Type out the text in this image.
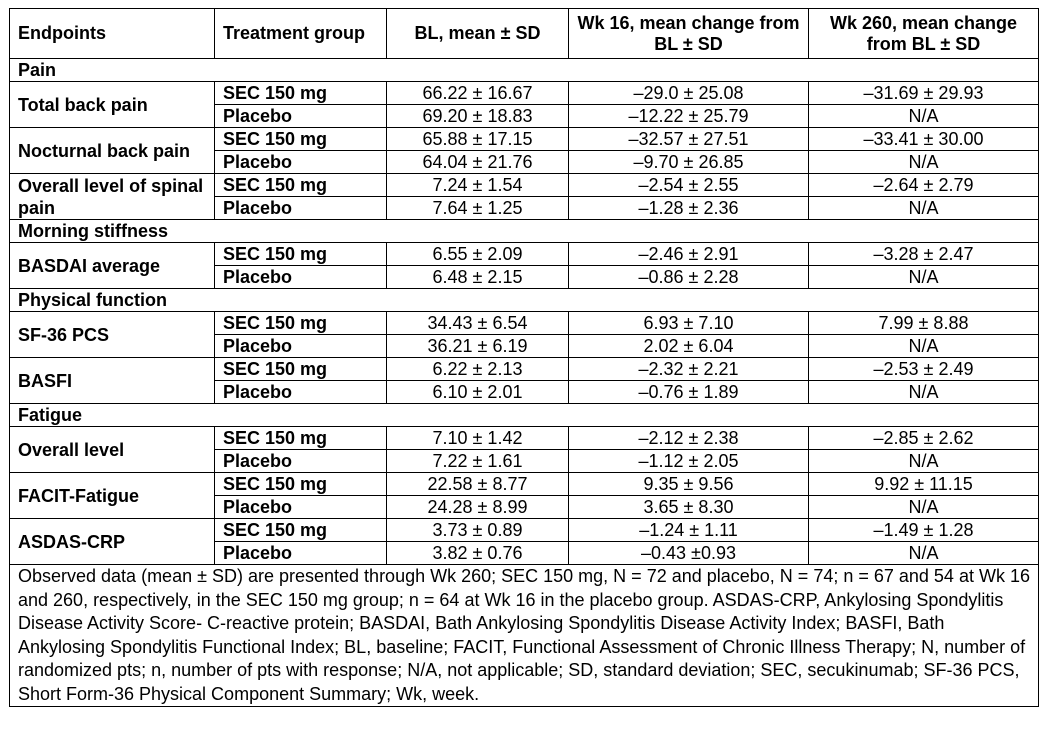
Endpoints	Treatment group	BL, mean ± SD	Wk 16, mean change from BL ± SD	Wk 260, mean change from BL ± SD
Pain				
Total back pain	SEC 150 mg	66.22 ± 16.67	–29.0 ± 25.08	–31.69 ± 29.93
	Placebo	69.20 ± 18.83	–12.22 ± 25.79	N/A
Nocturnal back pain	SEC 150 mg	65.88 ± 17.15	–32.57 ± 27.51	–33.41 ± 30.00
	Placebo	64.04 ± 21.76	–9.70 ± 26.85	N/A
Overall level of spinal pain	SEC 150 mg	7.24 ± 1.54	–2.54 ± 2.55	–2.64 ± 2.79
	Placebo	7.64 ± 1.25	–1.28 ± 2.36	N/A
Morning stiffness				
BASDAI average	SEC 150 mg	6.55 ± 2.09	–2.46 ± 2.91	–3.28 ± 2.47
	Placebo	6.48 ± 2.15	–0.86 ± 2.28	N/A
Physical function				
SF-36 PCS	SEC 150 mg	34.43 ± 6.54	6.93 ± 7.10	7.99 ± 8.88
	Placebo	36.21 ± 6.19	2.02 ± 6.04	N/A
BASFI	SEC 150 mg	6.22 ± 2.13	–2.32 ± 2.21	–2.53 ± 2.49
	Placebo	6.10 ± 2.01	–0.76 ± 1.89	N/A
Fatigue				
Overall level	SEC 150 mg	7.10 ± 1.42	–2.12 ± 2.38	–2.85 ± 2.62
	Placebo	7.22 ± 1.61	–1.12 ± 2.05	N/A
FACIT-Fatigue	SEC 150 mg	22.58 ± 8.77	9.35 ± 9.56	9.92 ± 11.15
	Placebo	24.28 ± 8.99	3.65 ± 8.30	N/A
ASDAS-CRP	SEC 150 mg	3.73 ± 0.89	–1.24 ± 1.11	–1.49 ± 1.28
	Placebo	3.82 ± 0.76	–0.43 ±0.93	N/A
Observed data (mean ± SD) are presented through Wk 260; SEC 150 mg, N = 72 and placebo, N = 74; n = 67 and 54 at Wk 16 and 260, respectively, in the SEC 150 mg group; n = 64 at Wk 16 in the placebo group. ASDAS-CRP, Ankylosing Spondylitis Disease Activity Score- C-reactive protein; BASDAI, Bath Ankylosing Spondylitis Disease Activity Index; BASFI, Bath Ankylosing Spondylitis Functional Index; BL, baseline; FACIT, Functional Assessment of Chronic Illness Therapy; N, number of randomized pts; n, number of pts with response; N/A, not applicable; SD, standard deviation; SEC, secukinumab; SF-36 PCS, Short Form-36 Physical Component Summary; Wk, week.				
